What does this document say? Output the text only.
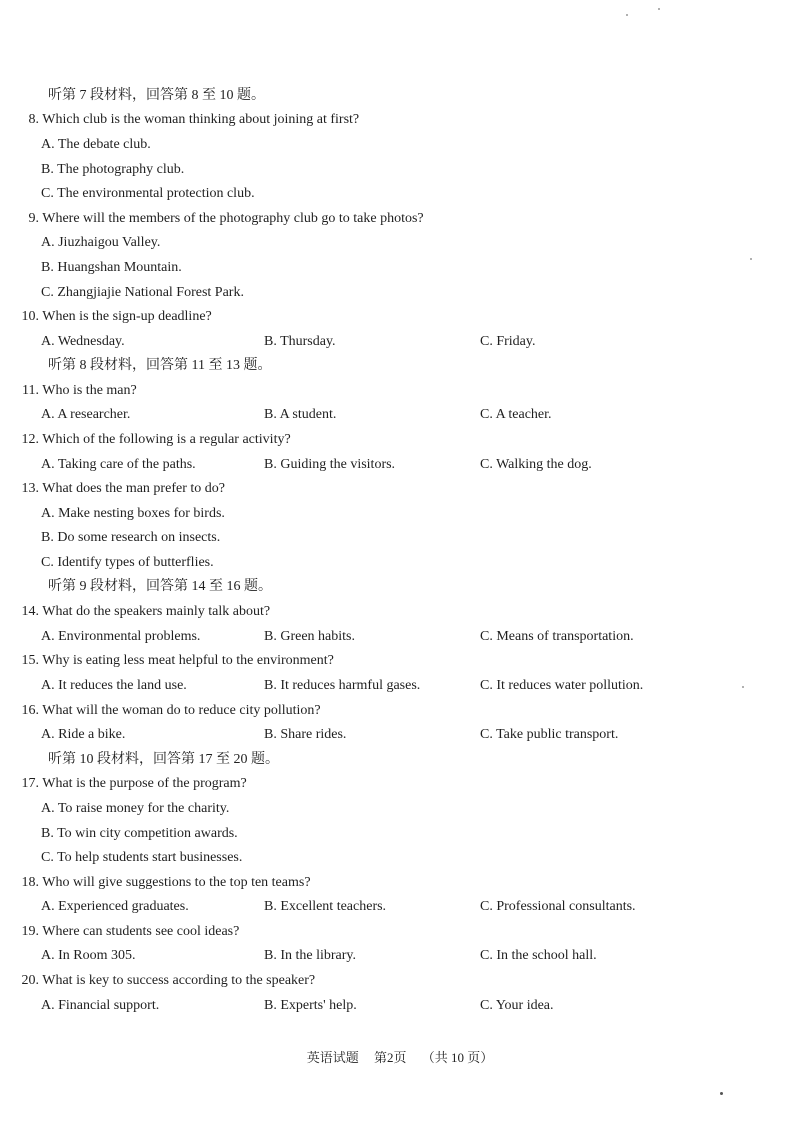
听第 7 段材料，回答第 8 至 10 题。
8. Which club is the woman thinking about joining at first?
A. The debate club.
B. The photography club.
C. The environmental protection club.
9. Where will the members of the photography club go to take photos?
A. Jiuzhaigou Valley.
B. Huangshan Mountain.
C. Zhangjiajie National Forest Park.
10. When is the sign-up deadline?
A. Wednesday.	B. Thursday.	C. Friday.
听第 8 段材料，回答第 11 至 13 题。
11. Who is the man?
A. A researcher.	B. A student.	C. A teacher.
12. Which of the following is a regular activity?
A. Taking care of the paths.	B. Guiding the visitors.	C. Walking the dog.
13. What does the man prefer to do?
A. Make nesting boxes for birds.
B. Do some research on insects.
C. Identify types of butterflies.
听第 9 段材料，回答第 14 至 16 题。
14. What do the speakers mainly talk about?
A. Environmental problems.	B. Green habits.	C. Means of transportation.
15. Why is eating less meat helpful to the environment?
A. It reduces the land use.	B. It reduces harmful gases.	C. It reduces water pollution.
16. What will the woman do to reduce city pollution?
A. Ride a bike.	B. Share rides.	C. Take public transport.
听第 10 段材料，回答第 17 至 20 题。
17. What is the purpose of the program?
A. To raise money for the charity.
B. To win city competition awards.
C. To help students start businesses.
18. Who will give suggestions to the top ten teams?
A. Experienced graduates.	B. Excellent teachers.	C. Professional consultants.
19. Where can students see cool ideas?
A. In Room 305.	B. In the library.	C. In the school hall.
20. What is key to success according to the speaker?
A. Financial support.	B. Experts' help.	C. Your idea.
英语试题 第2页 （共 10 页）
